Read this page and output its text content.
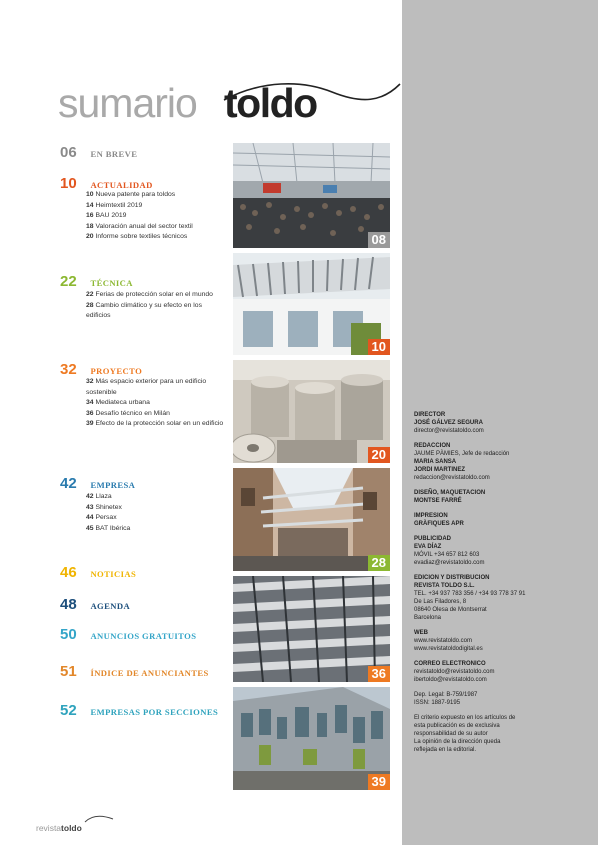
sumario toldo
06 EN BREVE
10 ACTUALIDAD
10 Nueva patente para toldos
14 Heimtextil 2019
16 BAU 2019
18 Valoración anual del sector textil
20 Informe sobre textiles técnicos
22 TÉCNICA
22 Ferias de protección solar en el mundo
28 Cambio climático y su efecto en los edificios
32 PROYECTO
32 Más espacio exterior para un edificio sostenible
34 Mediateca urbana
36 Desafío técnico en Milán
39 Efecto de la protección solar en un edificio
42 EMPRESA
42 Llaza
43 Shinetex
44 Persax
45 BAT Ibérica
46 NOTICIAS
48 AGENDA
50 ANUNCIOS GRATUITOS
51 ÍNDICE DE ANUNCIANTES
52 EMPRESAS POR SECCIONES
08
10
20
28
36
39
DIRECTOR
JOSÉ GÁLVEZ SEGURA
director@revistatoldo.com
REDACCION
JAUME PÀMIES, Jefe de redacción
MARIA SANSA
JORDI MARTINEZ
redaccion@revistatoldo.com
DISEÑO, MAQUETACION
MONTSE FARRÉ
IMPRESION
GRÀFIQUES APR
PUBLICIDAD
EVA DÍAZ
MÓVIL +34 657 812 603
evadiaz@revistatoldo.com
EDICION Y DISTRIBUCION
REVISTA TOLDO S.L.
TEL. +34 937 783 356 / +34 93 778 37 91
De Las Filadores, 8
08640 Olesa de Montserrat
Barcelona
WEB
www.revistatoldo.com
www.revistatoldodigital.es
CORREO ELECTRONICO
revistatoldo@revistatoldo.com
ibertoldo@revistatoldo.com
Dep. Legal: B-759/1987
ISSN: 1887-9195
El criterio expuesto en los artículos de
esta publicación es de exclusiva
responsabilidad de su autor
La opinión de la dirección queda
reflejada en la editorial.
revistatoldo
